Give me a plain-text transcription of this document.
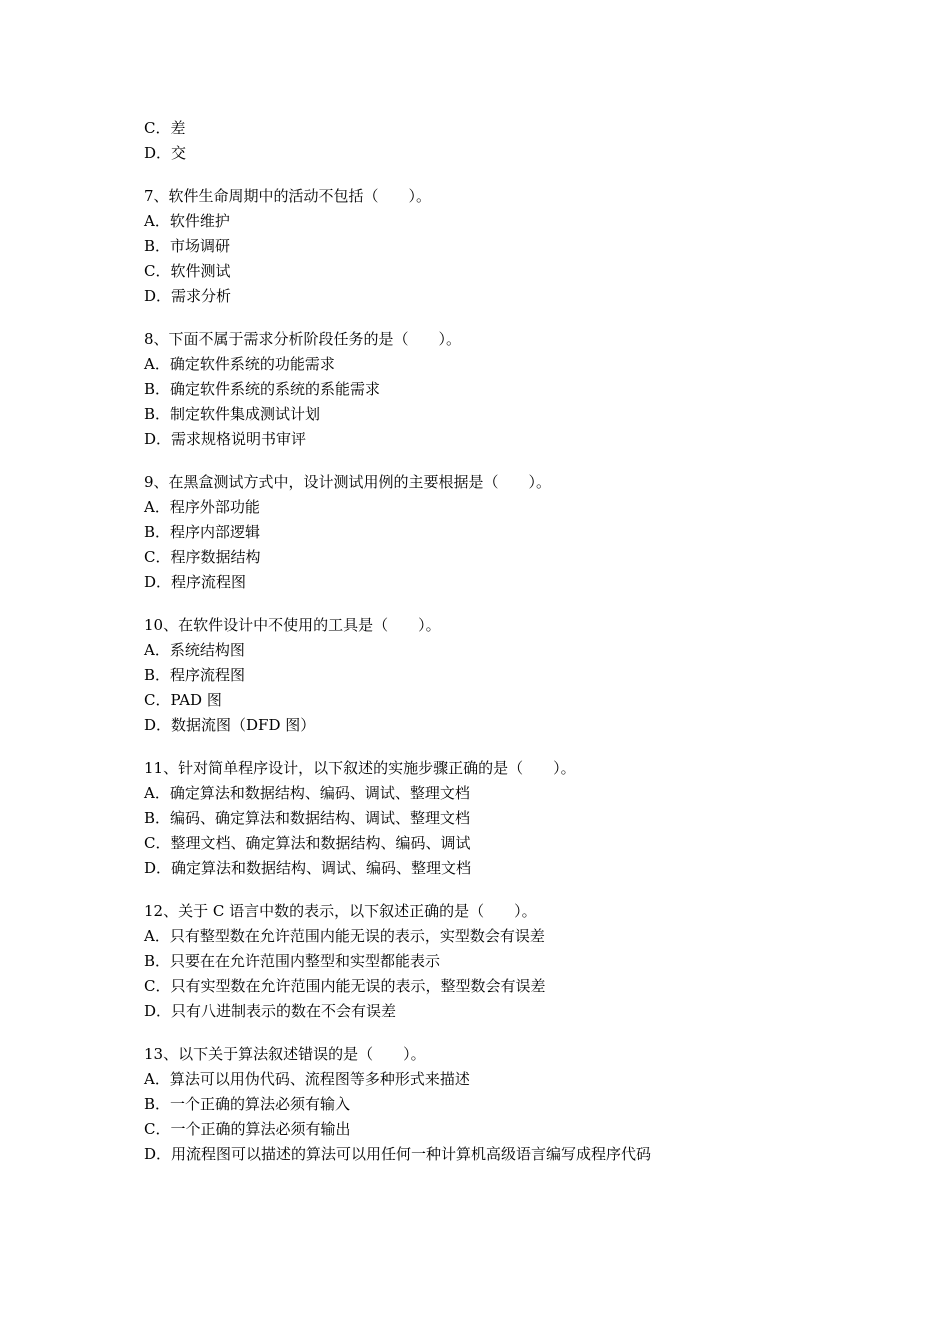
C．差
D．交
7、软件生命周期中的活动不包括（　　）。
A．软件维护
B．市场调研
C．软件测试
D．需求分析
8、下面不属于需求分析阶段任务的是（　　）。
A．确定软件系统的功能需求
B．确定软件系统的系统的系能需求
B．制定软件集成测试计划
D．需求规格说明书审评
9、在黑盒测试方式中，设计测试用例的主要根据是（　　）。
A．程序外部功能
B．程序内部逻辑
C．程序数据结构
D．程序流程图
10、在软件设计中不使用的工具是（　　）。
A．系统结构图
B．程序流程图
C．PAD 图
D．数据流图（DFD 图）
11、针对简单程序设计，以下叙述的实施步骤正确的是（　　）。
A．确定算法和数据结构、编码、调试、整理文档
B．编码、确定算法和数据结构、调试、整理文档
C．整理文档、确定算法和数据结构、编码、调试
D．确定算法和数据结构、调试、编码、整理文档
12、关于 C 语言中数的表示，以下叙述正确的是（　　）。
A．只有整型数在允许范围内能无误的表示，实型数会有误差
B．只要在在允许范围内整型和实型都能表示
C．只有实型数在允许范围内能无误的表示，整型数会有误差
D．只有八进制表示的数在不会有误差
13、以下关于算法叙述错误的是（　　）。
A．算法可以用伪代码、流程图等多种形式来描述
B．一个正确的算法必须有输入
C．一个正确的算法必须有输出
D．用流程图可以描述的算法可以用任何一种计算机高级语言编写成程序代码
